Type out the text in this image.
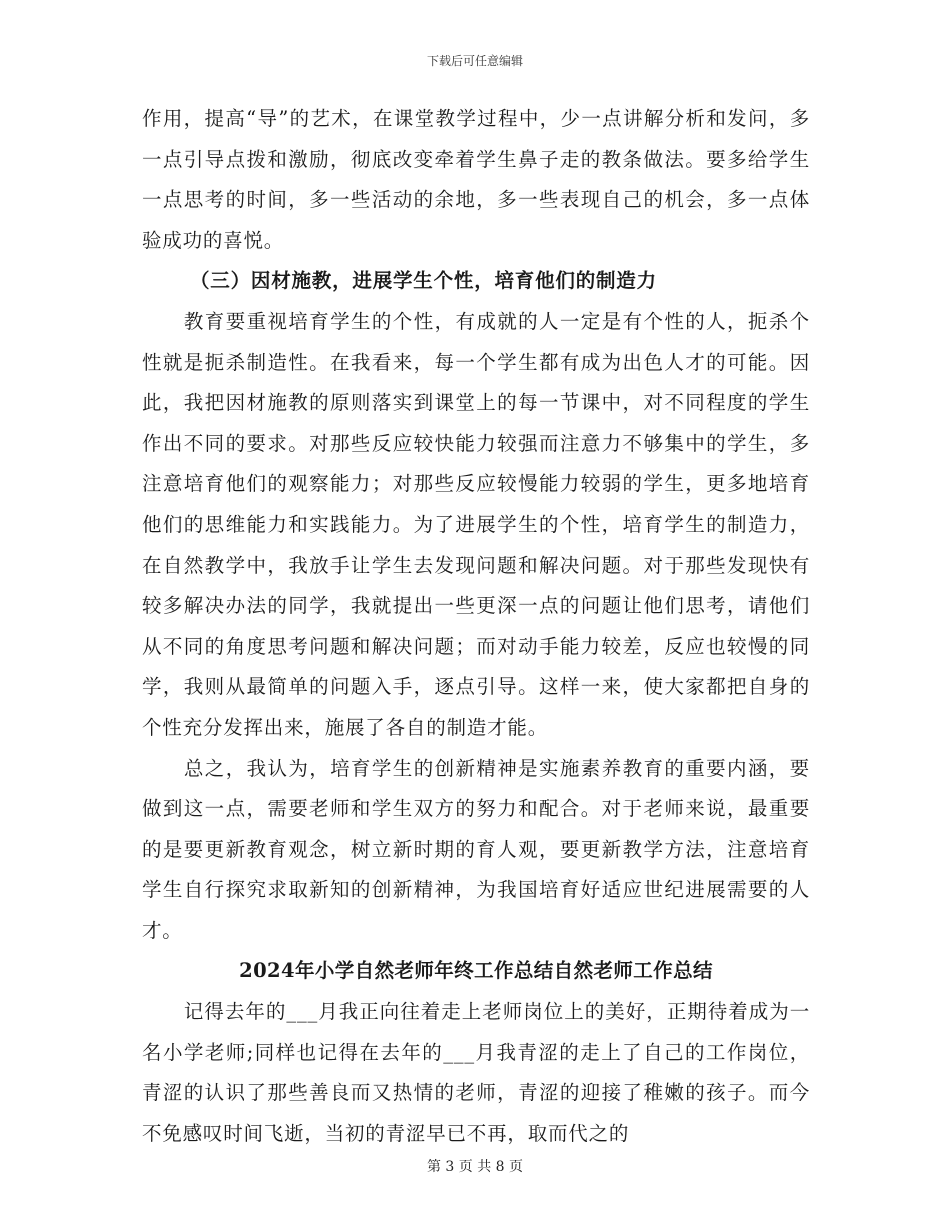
下载后可任意编辑

作用，提高“导”的艺术，在课堂教学过程中，少一点讲解分析和发问，多一点引导点拨和激励，彻底改变牵着学生鼻子走的教条做法。要多给学生一点思考的时间，多一些活动的余地，多一些表现自己的机会，多一点体验成功的喜悦。

（三）因材施教，进展学生个性，培育他们的制造力

教育要重视培育学生的个性，有成就的人一定是有个性的人，扼杀个性就是扼杀制造性。在我看来，每一个学生都有成为出色人才的可能。因此，我把因材施教的原则落实到课堂上的每一节课中，对不同程度的学生作出不同的要求。对那些反应较快能力较强而注意力不够集中的学生，多注意培育他们的观察能力；对那些反应较慢能力较弱的学生，更多地培育他们的思维能力和实践能力。为了进展学生的个性，培育学生的制造力，在自然教学中，我放手让学生去发现问题和解决问题。对于那些发现快有较多解决办法的同学，我就提出一些更深一点的问题让他们思考，请他们从不同的角度思考问题和解决问题；而对动手能力较差，反应也较慢的同学，我则从最简单的问题入手，逐点引导。这样一来，使大家都把自身的个性充分发挥出来，施展了各自的制造才能。

总之，我认为，培育学生的创新精神是实施素养教育的重要内涵，要做到这一点，需要老师和学生双方的努力和配合。对于老师来说，最重要的是要更新教育观念，树立新时期的育人观，要更新教学方法，注意培育学生自行探究求取新知的创新精神，为我国培育好适应世纪进展需要的人才。

2024年小学自然老师年终工作总结自然老师工作总结

记得去年的___月我正向往着走上老师岗位上的美好，正期待着成为一名小学老师;同样也记得在去年的___月我青涩的走上了自己的工作岗位，青涩的认识了那些善良而又热情的老师，青涩的迎接了稚嫩的孩子。而今不免感叹时间飞逝，当初的青涩早已不再，取而代之的

第 3 页 共 8 页
